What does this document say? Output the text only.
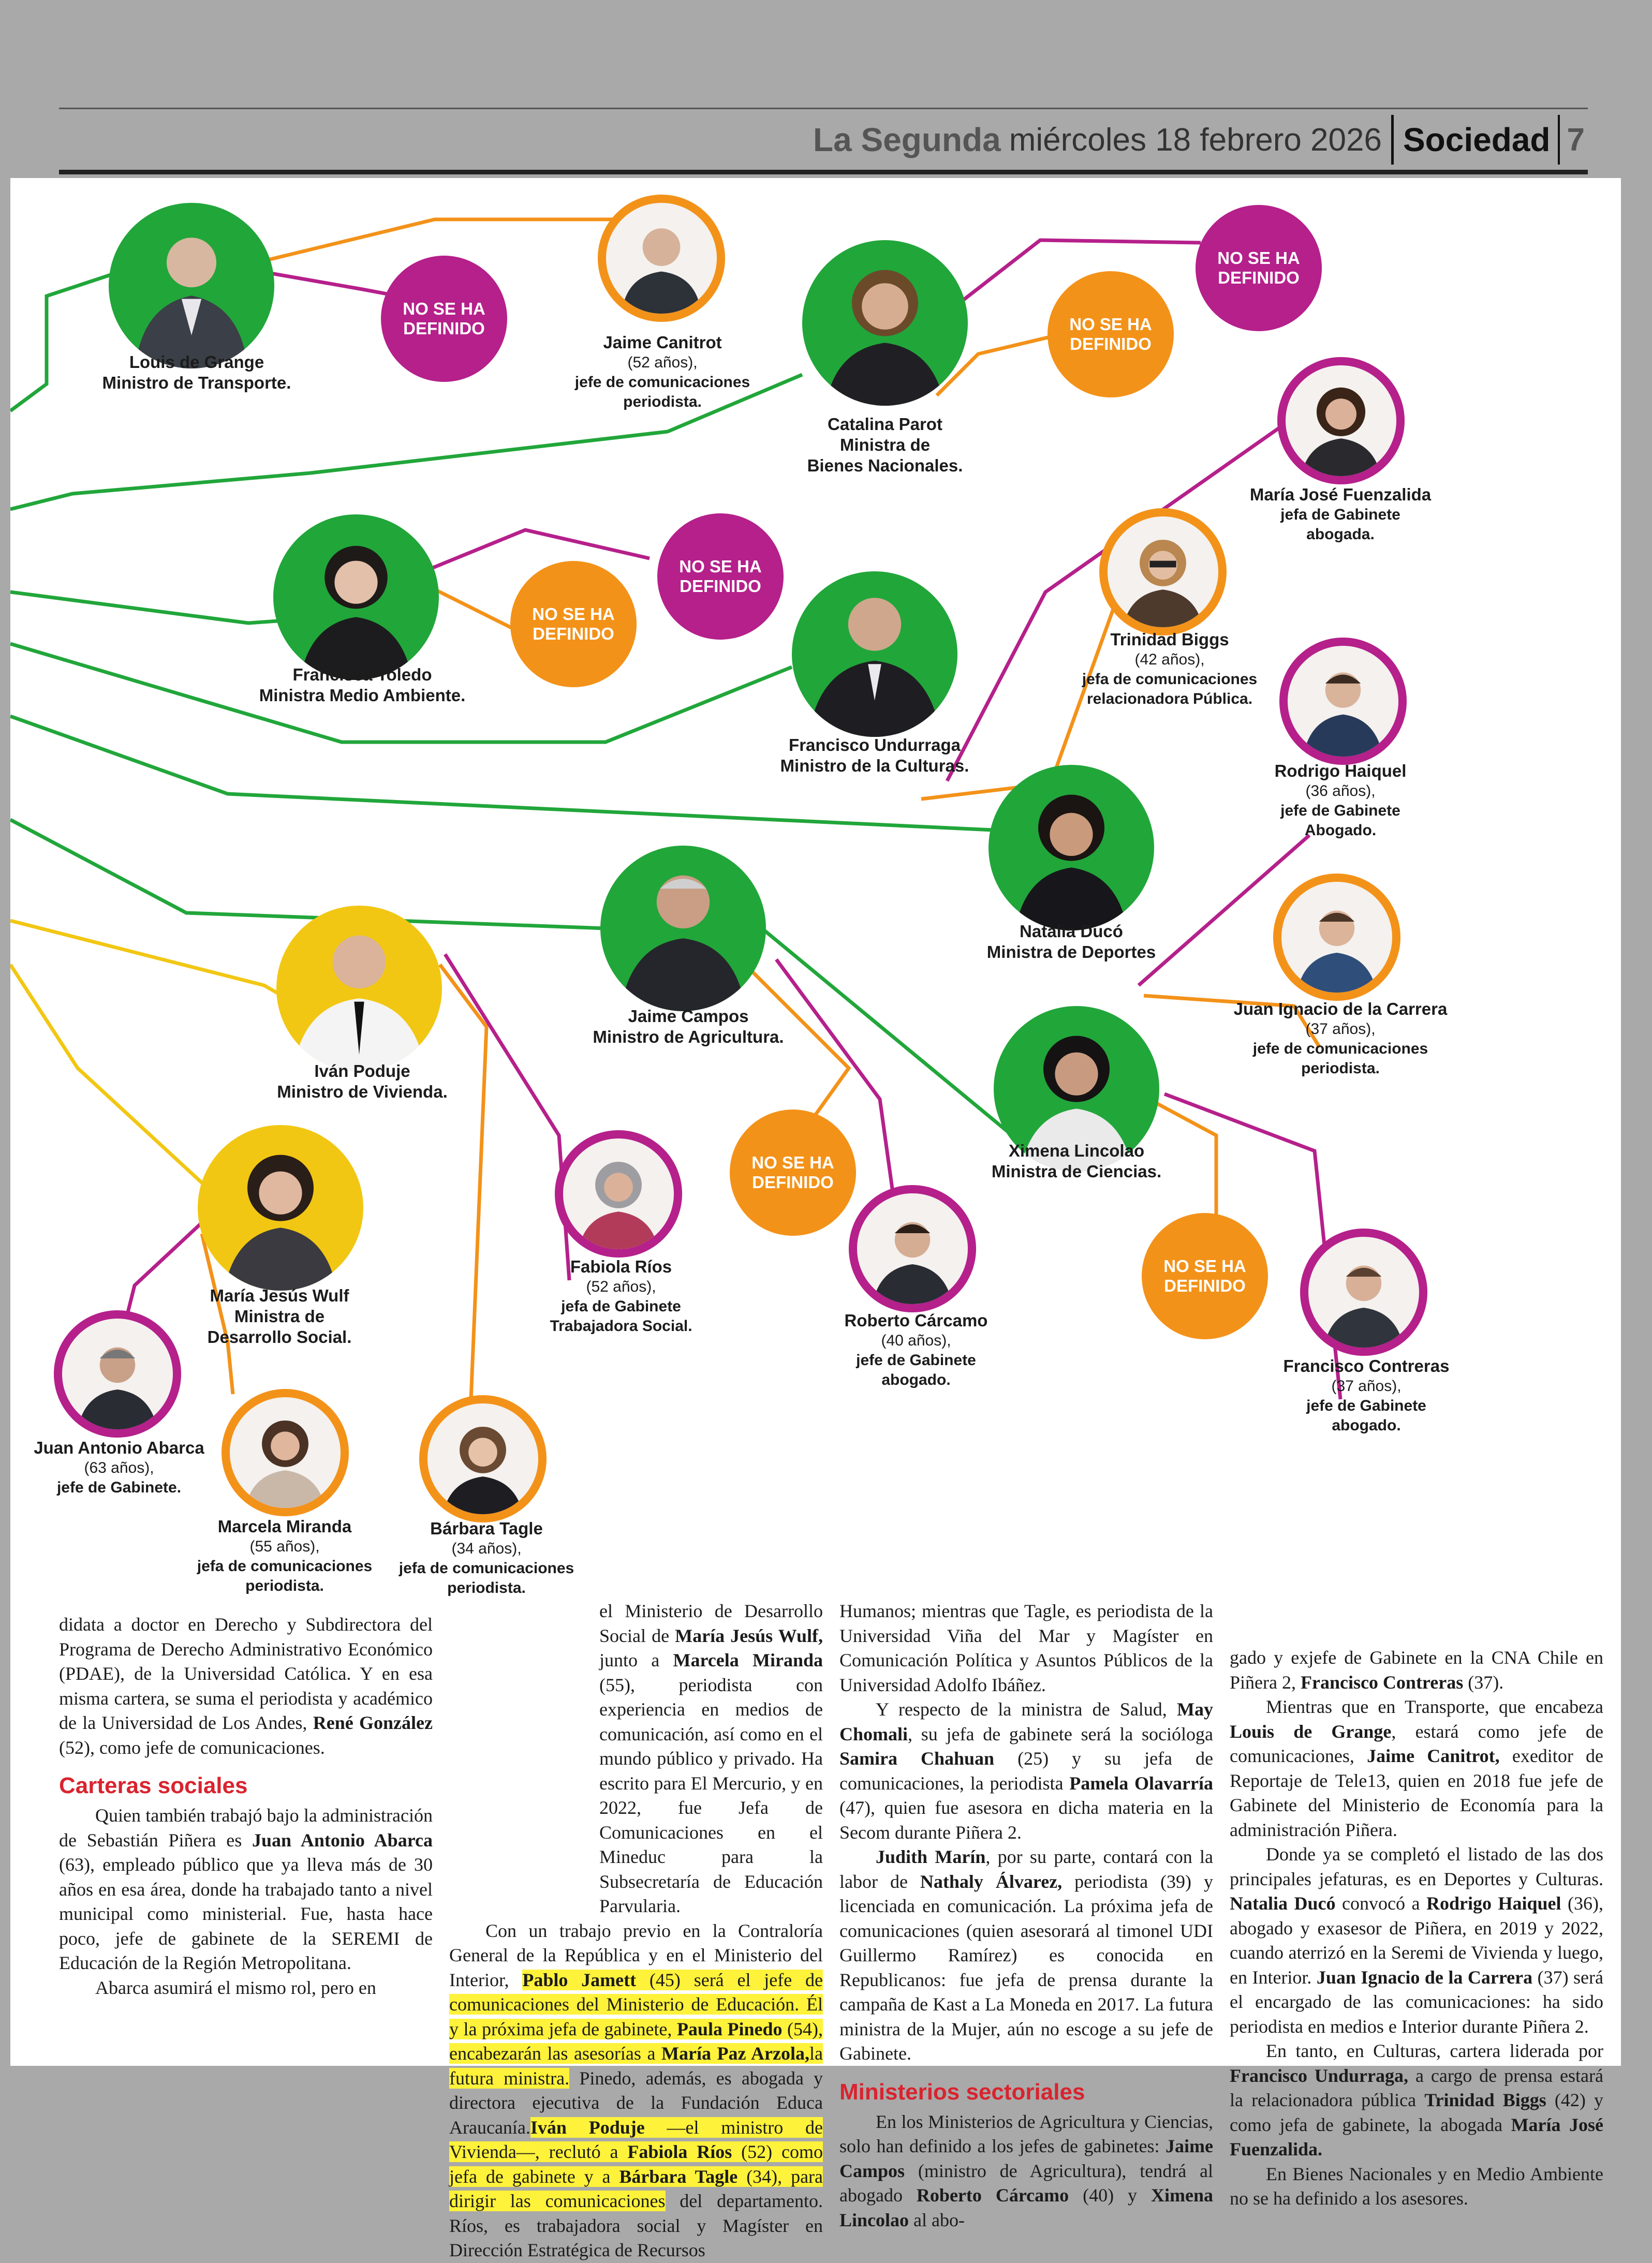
La Segunda miércoles 18 febrero 2026 Sociedad 7
Louis de Grange
Ministro de Transporte.
NO SE HA
DEFINIDO
Jaime Canitrot
(52 años),
jefe de comunicaciones
periodista.
Catalina Parot
Ministra de
Bienes Nacionales.
NO SE HA
DEFINIDO
NO SE HA
DEFINIDO
María José Fuenzalida
jefa de Gabinete
abogada.
Francisca Toledo
Ministra Medio Ambiente.
NO SE HA
DEFINIDO
NO SE HA
DEFINIDO
Trinidad Biggs
(42 años),
jefa de comunicaciones
relacionadora Pública.
Francisco Undurraga
Ministro de la Culturas.	Rodrigo Haiquel
(36 años),
jefe de Gabinete
Abogado.
Natalia Ducó
Ministra de Deportes
Juan Ignacio de la Carrera
(37 años),
jefe de comunicaciones
periodista.
Jaime Campos
Ministro de Agricultura.
Iván Poduje
Ministro de Vivienda.
Ximena Lincolao
Ministra de Ciencias.
NO SE HA
DEFINIDO
Fabiola Ríos
(52 años),
jefa de Gabinete
Trabajadora Social.	Roberto Cárcamo
(40 años),
jefe de Gabinete
abogado.
NO SE HA
DEFINIDO
Francisco Contreras
(37 años),
jefe de Gabinete
abogado.
María Jesús Wulf
Ministra de
Desarrollo Social.
Juan Antonio Abarca
(63 años),
jefe de Gabinete.
Marcela Miranda
(55 años),
jefa de comunicaciones
periodista.
Bárbara Tagle
(34 años),
jefa de comunicaciones
periodista.

didata a doctor en Derecho y Subdirectora del Programa de Derecho Administrativo Económico (PDAE), de la Universidad Católica. Y en esa misma cartera, se suma el periodista y académico de la Universidad de Los Andes, René González (52), como jefe de comunicaciones.

Carteras sociales

Quien también trabajó bajo la administración de Sebastián Piñera es Juan Antonio Abarca (63), empleado público que ya lleva más de 30 años en esa área, donde ha trabajado tanto a nivel municipal como ministerial. Fue, hasta hace poco, jefe de gabinete de la SEREMI de Educación de la Región Metropolitana.

Abarca asumirá el mismo rol, pero en

el Ministerio de Desarrollo Social de María Jesús Wulf, junto a Marcela Miranda (55), periodista con experiencia en medios de comunicación, así como en el mundo público y privado. Ha escrito para El Mercurio, y en 2022, fue Jefa de Comunicaciones en el Mineduc para la Subsecretaría de Educación Parvularia.

Con un trabajo previo en la Contraloría General de la República y en el Ministerio del Interior, Pablo Jamett (45) será el jefe de comunicaciones del Ministerio de Educación. Él y la próxima jefa de gabinete, Paula Pinedo (54), encabezarán las asesorías a María Paz Arzola,la futura ministra. Pinedo, además, es abogada y directora ejecutiva de la Fundación Educa Araucanía.Iván Poduje —el ministro de Vivienda—, reclutó a Fabiola Ríos (52) como jefa de gabinete y a Bárbara Tagle (34), para dirigir las comunicaciones del departamento. Ríos, es trabajadora social y Magíster en Dirección Estratégica de Recursos

Humanos; mientras que Tagle, es periodista de la Universidad Viña del Mar y Magíster en Comunicación Política y Asuntos Públicos de la Universidad Adolfo Ibáñez.

Y respecto de la ministra de Salud, May Chomali, su jefa de gabinete será la socióloga Samira Chahuan (25) y su jefa de comunicaciones, la periodista Pamela Olavarría (47), quien fue asesora en dicha materia en la Secom durante Piñera 2.

Judith Marín, por su parte, contará con la labor de Nathaly Álvarez, periodista (39) y licenciada en comunicación. La próxima jefa de comunicaciones (quien asesorará al timonel UDI Guillermo Ramírez) es conocida en Republicanos: fue jefa de prensa durante la campaña de Kast a La Moneda en 2017. La futura ministra de la Mujer, aún no escoge a su jefe de Gabinete.

Ministerios sectoriales

En los Ministerios de Agricultura y Ciencias, solo han definido a los jefes de gabinetes: Jaime Campos (ministro de Agricultura), tendrá al abogado Roberto Cárcamo (40) y Ximena Lincolao al abo-

gado y exjefe de Gabinete en la CNA Chile en Piñera 2, Francisco Contreras (37).

Mientras que en Transporte, que encabeza Louis de Grange, estará como jefe de comunicaciones, Jaime Canitrot, exeditor de Reportaje de Tele13, quien en 2018 fue jefe de Gabinete del Ministerio de Economía para la administración Piñera.

Donde ya se completó el listado de las dos principales jefaturas, es en Deportes y Culturas. Natalia Ducó convocó a Rodrigo Haiquel (36), abogado y exasesor de Piñera, en 2019 y 2022, cuando aterrizó en la Seremi de Vivienda y luego, en Interior. Juan Ignacio de la Carrera (37) será el encargado de las comunicaciones: ha sido periodista en medios e Interior durante Piñera 2.

En tanto, en Culturas, cartera liderada por Francisco Undurraga, a cargo de prensa estará la relacionadora pública Trinidad Biggs (42) y como jefa de gabinete, la abogada María José Fuenzalida.

En Bienes Nacionales y en Medio Ambiente no se ha definido a los asesores.
